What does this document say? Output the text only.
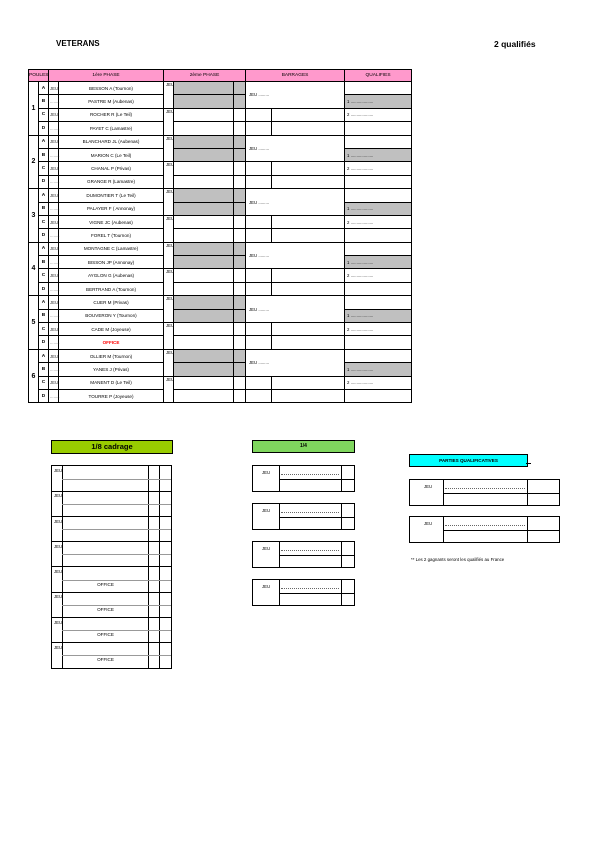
VETERANS	2 qualifiés
POULES		1ère PHASE		2ème PHASE			BARRAGES		QUALIFIES
1	A	JEU	BESSON A (Tournon)	JEU			JEU .........		
	B	........	PASTRE M (Aubenas)						1 ...................
	C	JEU	ROCHER R (Le Teil)	JEU					2 ...................
	D	........	PAYET C (Lamastre)						
2	A	JEU	BLANCHARD JL (Aubenas)	JEU			JEU .........		
	B	........	MARION C (Le Teil)						1 ...................
	C	JEU	CHANAL P (Privas)	JEU					2 ...................
	D	........	GRANGE R (Lamastre)						
3	A	JEU	DUMONTIER T (Le Teil)	JEU			JEU .........		
	B	........	PALAYER F ( Annonay)						1 ...................
	C	JEU	VIGNE JC (Aubenas)	JEU					2 ...................
	D	........	FOREL T (Tournon)						
4	A	JEU	MONTAGNE C (Lamastre)	JEU			JEU .........		
	B	........	BISSON JP (Annonay)						1 ...................
	C	JEU	AYGLON G (Aubenas)	JEU					2 ...................
	D	........	BERTRAND A (Tournon)						
5	A	JEU	CUER M (Privas)	JEU			JEU .........		
	B	........	BOUVERON Y (Tournon)						1 ...................
	C	JEU	CADE M (Joyeuse)	JEU					2 ...................
	D	........	OFFICE						
6	A	JEU	OLLIER M (Tournon)	JEU			JEU .........		
	B	........	YANES J (Privas)						1 ...................
	C	JEU	MANENT D (Le Teil)	JEU					2 ...................
	D	........	TOURRE P (Joyeuse)						
1/8 cadrage
JEU
JEU
JEU
JEU
JEU
OFFICE
JEU
OFFICE
JEU
OFFICE
JEU
OFFICE
1/4
JEU
JEU
JEU
JEU
PARTIES QUALIFICATIVES
JEU
JEU
** Les 2 gagnants seront les qualifiés au France
